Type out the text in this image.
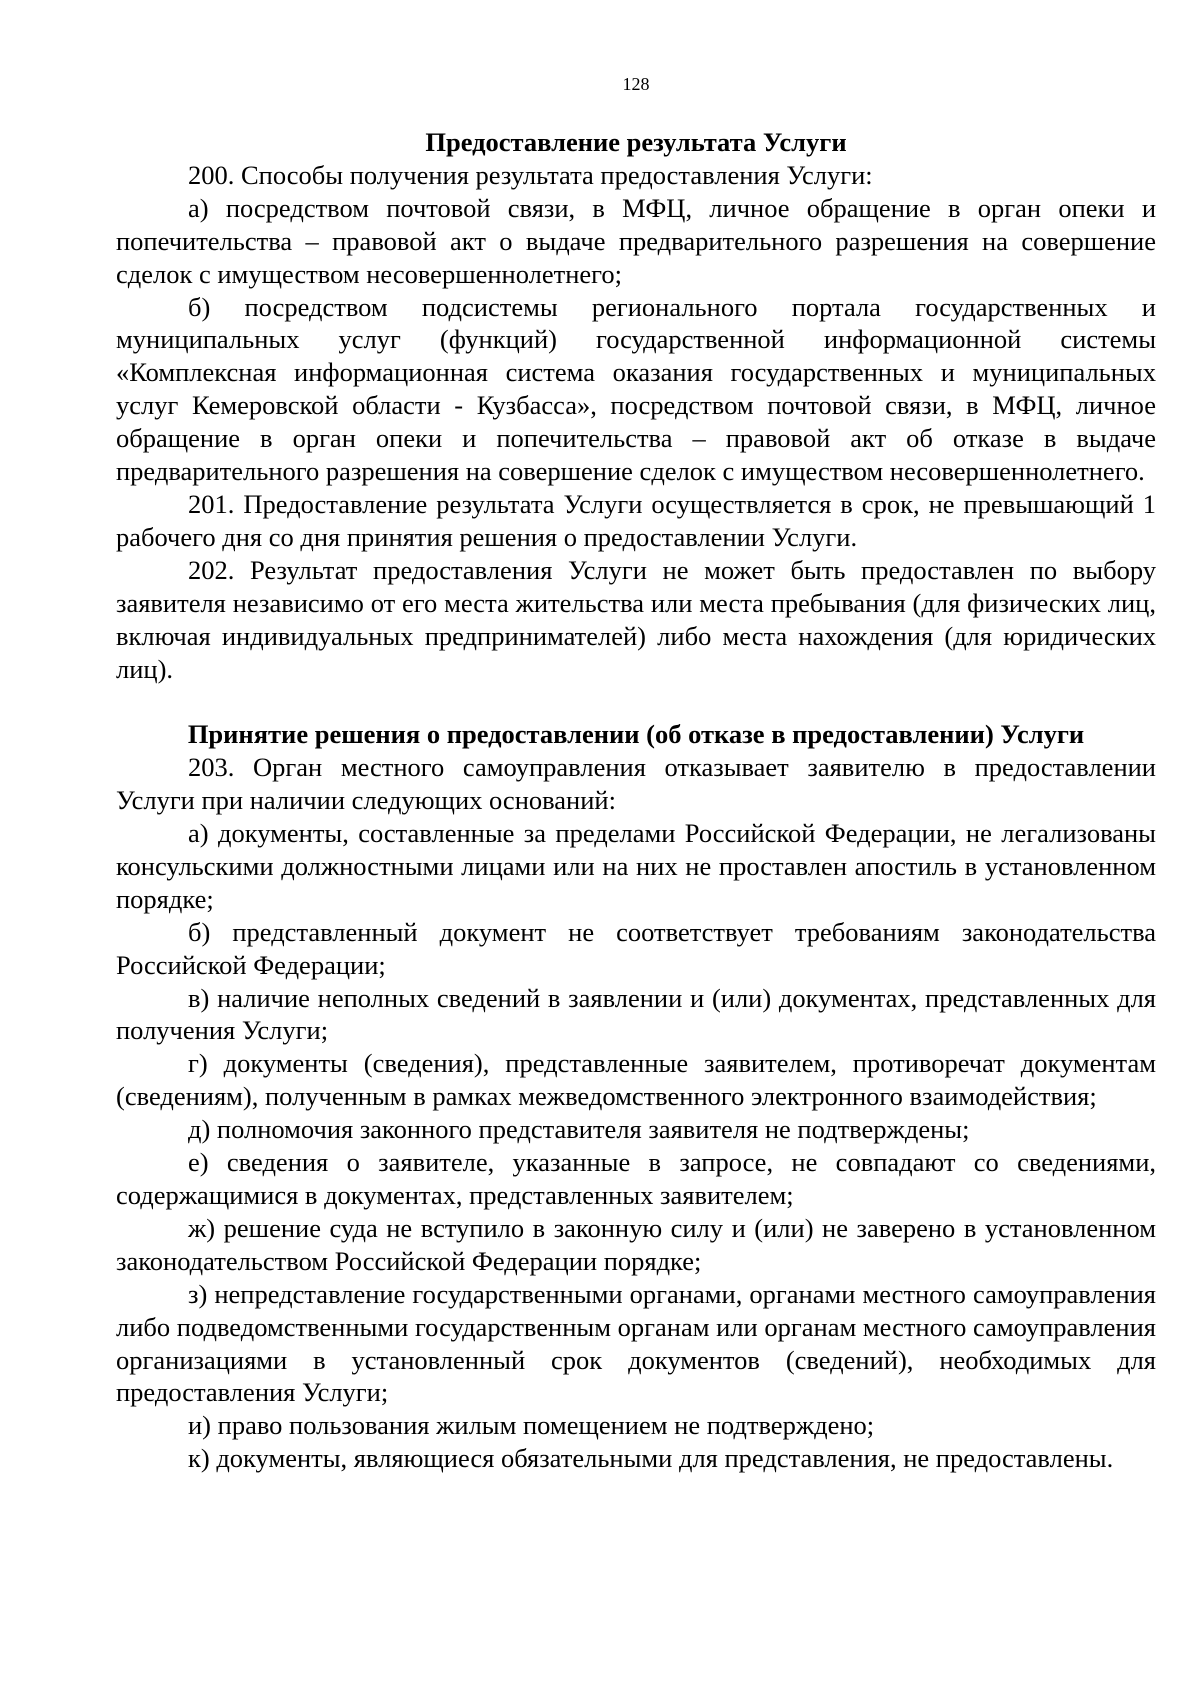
128

Предоставление результата Услуги

200. Способы получения результата предоставления Услуги:

а) посредством почтовой связи, в МФЦ, личное обращение в орган опеки и попечительства – правовой акт о выдаче предварительного разрешения на совершение сделок с имуществом несовершеннолетнего;

б) посредством подсистемы регионального портала государственных и муниципальных услуг (функций) государственной информационной системы «Комплексная информационная система оказания государственных и муниципальных услуг Кемеровской области - Кузбасса», посредством почтовой связи, в МФЦ, личное обращение в орган опеки и попечительства – правовой акт об отказе в выдаче предварительного разрешения на совершение сделок с имуществом несовершеннолетнего.

201. Предоставление результата Услуги осуществляется в срок, не превышающий 1 рабочего дня со дня принятия решения о предоставлении Услуги.

202. Результат предоставления Услуги не может быть предоставлен по выбору заявителя независимо от его места жительства или места пребывания (для физических лиц, включая индивидуальных предпринимателей) либо места нахождения (для юридических лиц).

Принятие решения о предоставлении (об отказе в предоставлении) Услуги

203. Орган местного самоуправления отказывает заявителю в предоставлении Услуги при наличии следующих оснований:

а) документы, составленные за пределами Российской Федерации, не легализованы консульскими должностными лицами или на них не проставлен апостиль в установленном порядке;

б) представленный документ не соответствует требованиям законодательства Российской Федерации;

в) наличие неполных сведений в заявлении и (или) документах, представленных для получения Услуги;

г) документы (сведения), представленные заявителем, противоречат документам (сведениям), полученным в рамках межведомственного электронного взаимодействия;

д) полномочия законного представителя заявителя не подтверждены;

е) сведения о заявителе, указанные в запросе, не совпадают со сведениями, содержащимися в документах, представленных заявителем;

ж) решение суда не вступило в законную силу и (или) не заверено в установленном законодательством Российской Федерации порядке;

з) непредставление государственными органами, органами местного самоуправления либо подведомственными государственным органам или органам местного самоуправления организациями в установленный срок документов (сведений), необходимых для предоставления Услуги;

и) право пользования жилым помещением не подтверждено;

к) документы, являющиеся обязательными для представления, не предоставлены.
